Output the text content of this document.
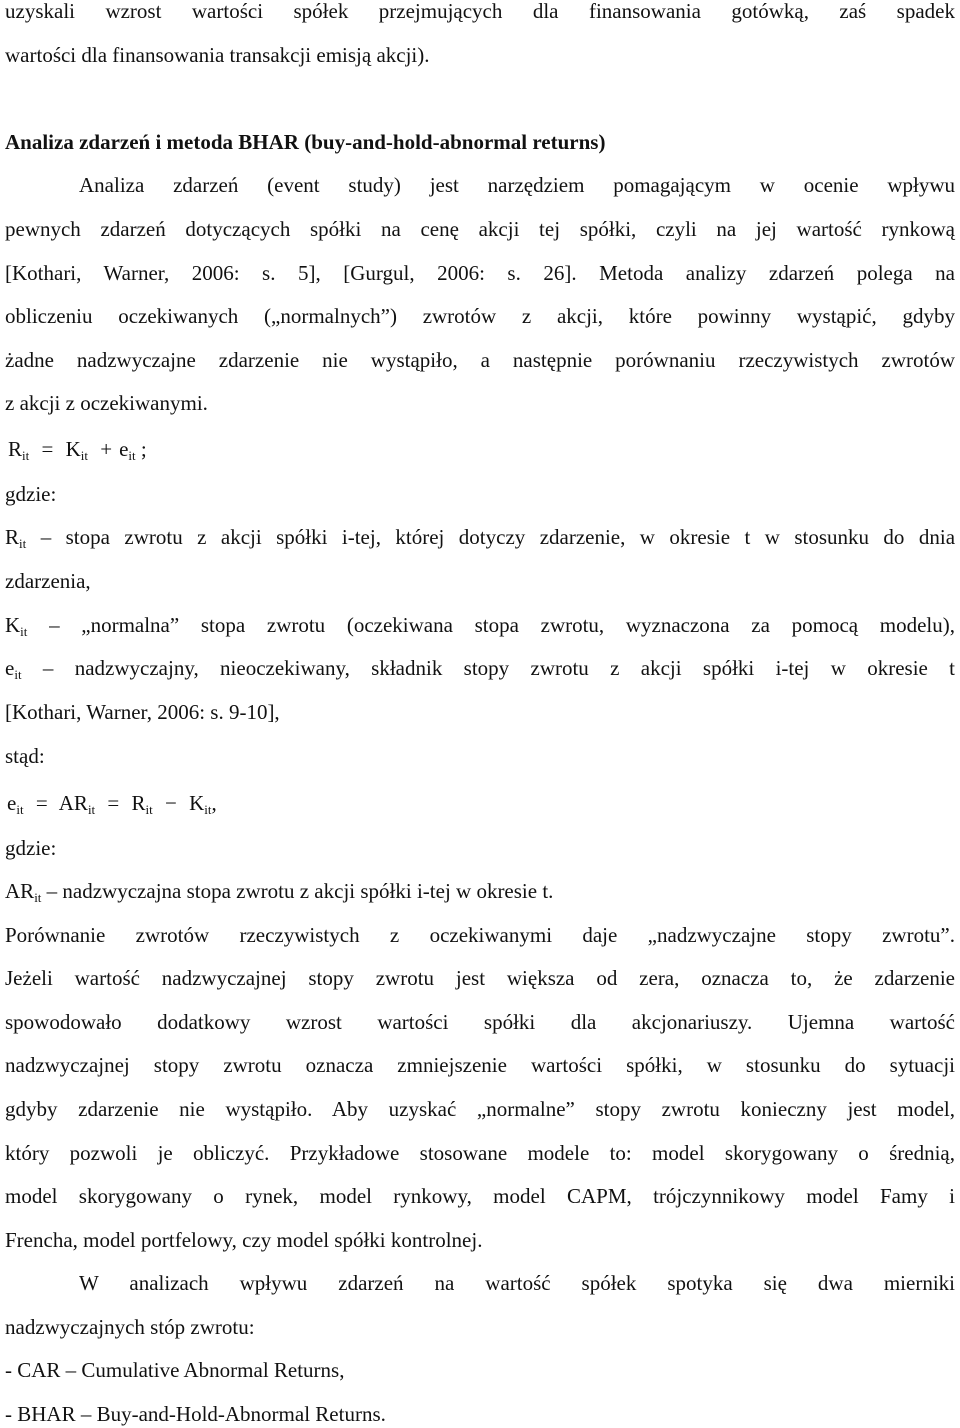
uzyskali wzrost wartości spółek przejmujących dla finansowania gotówką, zaś spadek
wartości dla finansowania transakcji emisją akcji).
Analiza zdarzeń i metoda BHAR (buy-and-hold-abnormal returns)
Analiza zdarzeń (event study) jest narzędziem pomagającym w ocenie wpływu
pewnych zdarzeń dotyczących spółki na cenę akcji tej spółki, czyli na jej wartość rynkową
[Kothari, Warner, 2006: s. 5], [Gurgul, 2006: s. 26]. Metoda analizy zdarzeń polega na
obliczeniu oczekiwanych („normalnych”) zwrotów z akcji, które powinny wystąpić, gdyby
żadne nadzwyczajne zdarzenie nie wystąpiło, a następnie porównaniu rzeczywistych zwrotów
z akcji z oczekiwanymi.
$R_{it} = K_{it} + e_{it}$ ;
gdzie:
$R_{it}$ – stopa zwrotu z akcji spółki i-tej, której dotyczy zdarzenie, w okresie t w stosunku do dnia
zdarzenia,
$K_{it}$ – „normalna” stopa zwrotu (oczekiwana stopa zwrotu, wyznaczona za pomocą modelu),
$e_{it}$ – nadzwyczajny, nieoczekiwany, składnik stopy zwrotu z akcji spółki i-tej w okresie t
[Kothari, Warner, 2006: s. 9-10],
stąd:
$e_{it} = AR_{it} = R_{it} - K_{it}$,
gdzie:
$AR_{it}$ – nadzwyczajna stopa zwrotu z akcji spółki i-tej w okresie t.
Porównanie zwrotów rzeczywistych z oczekiwanymi daje „nadzwyczajne stopy zwrotu”.
Jeżeli wartość nadzwyczajnej stopy zwrotu jest większa od zera, oznacza to, że zdarzenie
spowodowało dodatkowy wzrost wartości spółki dla akcjonariuszy. Ujemna wartość
nadzwyczajnej stopy zwrotu oznacza zmniejszenie wartości spółki, w stosunku do sytuacji
gdyby zdarzenie nie wystąpiło. Aby uzyskać „normalne” stopy zwrotu konieczny jest model,
który pozwoli je obliczyć. Przykładowe stosowane modele to: model skorygowany o średnią,
model skorygowany o rynek, model rynkowy, model CAPM, trójczynnikowy model Famy i
Frencha, model portfelowy, czy model spółki kontrolnej.
W analizach wpływu zdarzeń na wartość spółek spotyka się dwa mierniki
nadzwyczajnych stóp zwrotu:
- CAR – Cumulative Abnormal Returns,
- BHAR – Buy-and-Hold-Abnormal Returns.
